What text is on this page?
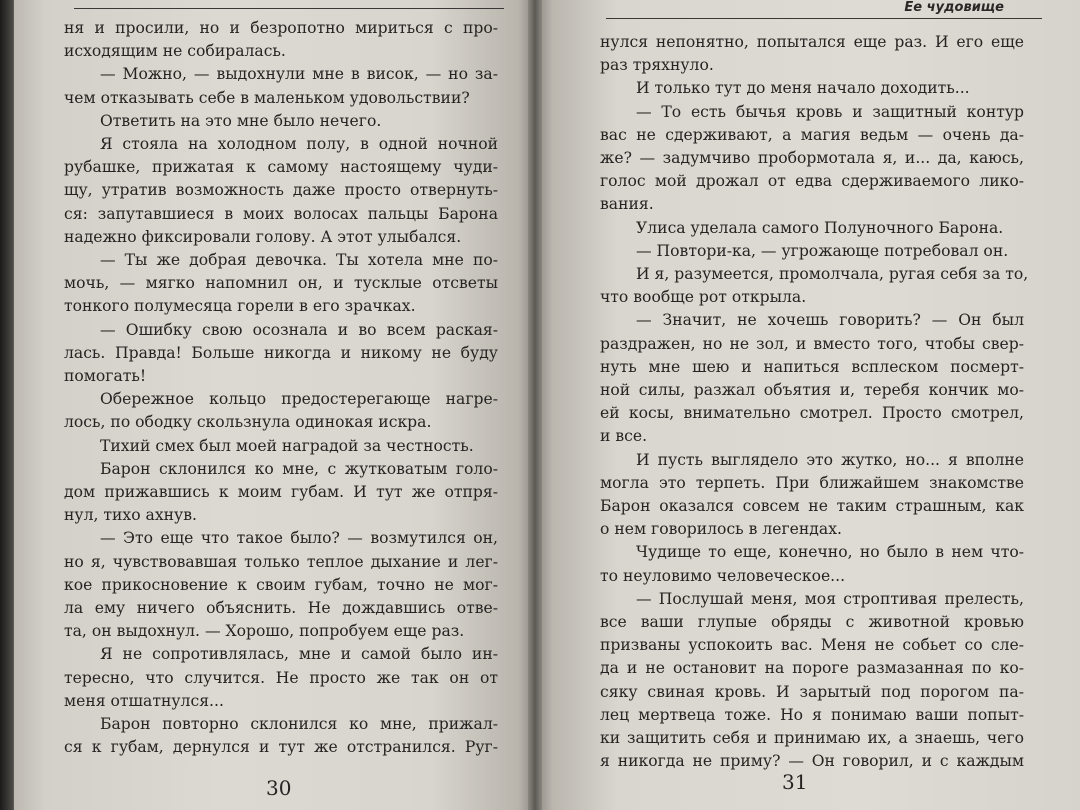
ня и просили, но и безропотно мириться с про-
исходящим не собиралась.
— Можно, — выдохнули мне в висок, — но за-
чем отказывать себе в маленьком удовольствии?
Ответить на это мне было нечего.
Я стояла на холодном полу, в одной ночной
рубашке, прижатая к самому настоящему чуди-
щу, утратив возможность даже просто отвернуть-
ся: запутавшиеся в моих волосах пальцы Барона
надежно фиксировали голову. А этот улыбался.
— Ты же добрая девочка. Ты хотела мне по-
мочь, — мягко напомнил он, и тусклые отсветы
тонкого полумесяца горели в его зрачках.
— Ошибку свою осознала и во всем раская-
лась. Правда! Больше никогда и никому не буду
помогать!
Обережное кольцо предостерегающе нагре-
лось, по ободку скользнула одинокая искра.
Тихий смех был моей наградой за честность.
Барон склонился ко мне, с жутковатым голо-
дом прижавшись к моим губам. И тут же отпря-
нул, тихо ахнув.
— Это еще что такое было? — возмутился он,
но я, чувствовавшая только теплое дыхание и лег-
кое прикосновение к своим губам, точно не мог-
ла ему ничего объяснить. Не дождавшись отве-
та, он выдохнул. — Хорошо, попробуем еще раз.
Я не сопротивлялась, мне и самой было ин-
тересно, что случится. Не просто же так он от
меня отшатнулся...
Барон повторно склонился ко мне, прижал-
ся к губам, дернулся и тут же отстранился. Руг-
30
Ее чудовище
нулся непонятно, попытался еще раз. И его еще
раз тряхнуло.
И только тут до меня начало доходить...
— То есть бычья кровь и защитный контур
вас не сдерживают, а магия ведьм — очень да-
же? — задумчиво пробормотала я, и... да, каюсь,
голос мой дрожал от едва сдерживаемого лико-
вания.
Улиса уделала самого Полуночного Барона.
— Повтори-ка, — угрожающе потребовал он.
И я, разумеется, промолчала, ругая себя за то,
что вообще рот открыла.
— Значит, не хочешь говорить? — Он был
раздражен, но не зол, и вместо того, чтобы свер-
нуть мне шею и напиться всплеском посмерт-
ной силы, разжал объятия и, теребя кончик мо-
ей косы, внимательно смотрел. Просто смотрел,
и все.
И пусть выглядело это жутко, но... я вполне
могла это терпеть. При ближайшем знакомстве
Барон оказался совсем не таким страшным, как
о нем говорилось в легендах.
Чудище то еще, конечно, но было в нем что-
то неуловимо человеческое...
— Послушай меня, моя строптивая прелесть,
все ваши глупые обряды с животной кровью
призваны успокоить вас. Меня не собьет со сле-
да и не остановит на пороге размазанная по ко-
сяку свиная кровь. И зарытый под порогом па-
лец мертвеца тоже. Но я понимаю ваши попыт-
ки защитить себя и принимаю их, а знаешь, чего
я никогда не приму? — Он говорил, и с каждым
31
